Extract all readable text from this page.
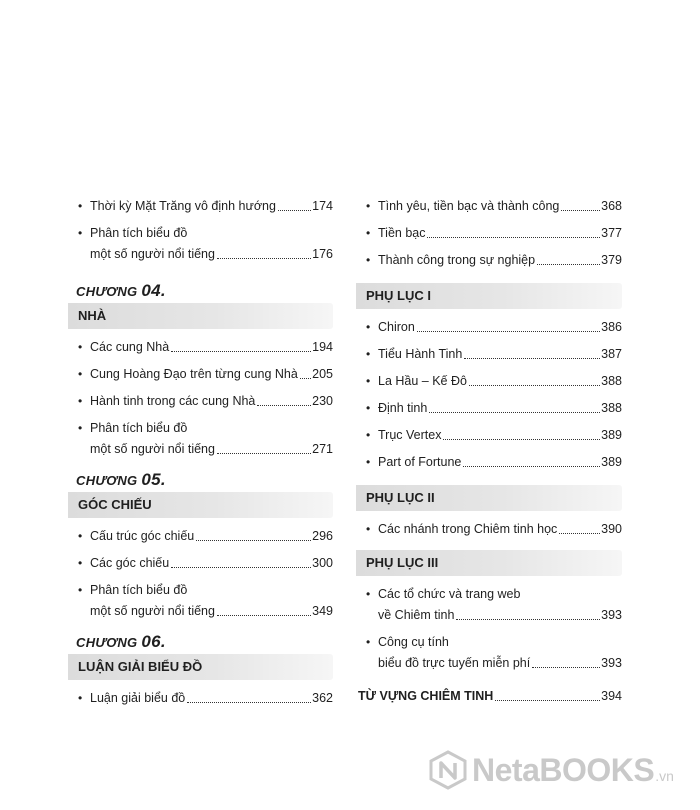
• Thời kỳ Mặt Trăng vô định hướng	174
• Phân tích biểu đồ
một số người nổi tiếng	176
CHƯƠNG 04.
NHÀ
• Các cung Nhà	194
• Cung Hoàng Đạo trên từng cung Nhà 205
• Hành tinh trong các cung Nhà	230
• Phân tích biểu đồ
một số người nổi tiếng	271
CHƯƠNG 05.
GÓC CHIẾU
• Cấu trúc góc chiếu	296
• Các góc chiếu	300
• Phân tích biểu đồ
một số người nổi tiếng	349
CHƯƠNG 06.
LUẬN GIẢI BIỂU ĐỒ
• Luận giải biểu đồ	362
• Tình yêu, tiền bạc và thành công	368
• Tiền bạc	377
• Thành công trong sự nghiệp	379
PHỤ LỤC I
• Chiron	386
• Tiểu Hành Tinh	387
• La Hầu – Kế Đô	388
• Định tinh	388
• Trục Vertex	389
• Part of Fortune	389
PHỤ LỤC II
• Các nhánh trong Chiêm tinh học	390
PHỤ LỤC III
• Các tổ chức và trang web
về Chiêm tinh	393
• Công cụ tính
biểu đồ trực tuyến miễn phí	393
TỪ VỰNG CHIÊM TINH	394
NetaBOOKS .vn
